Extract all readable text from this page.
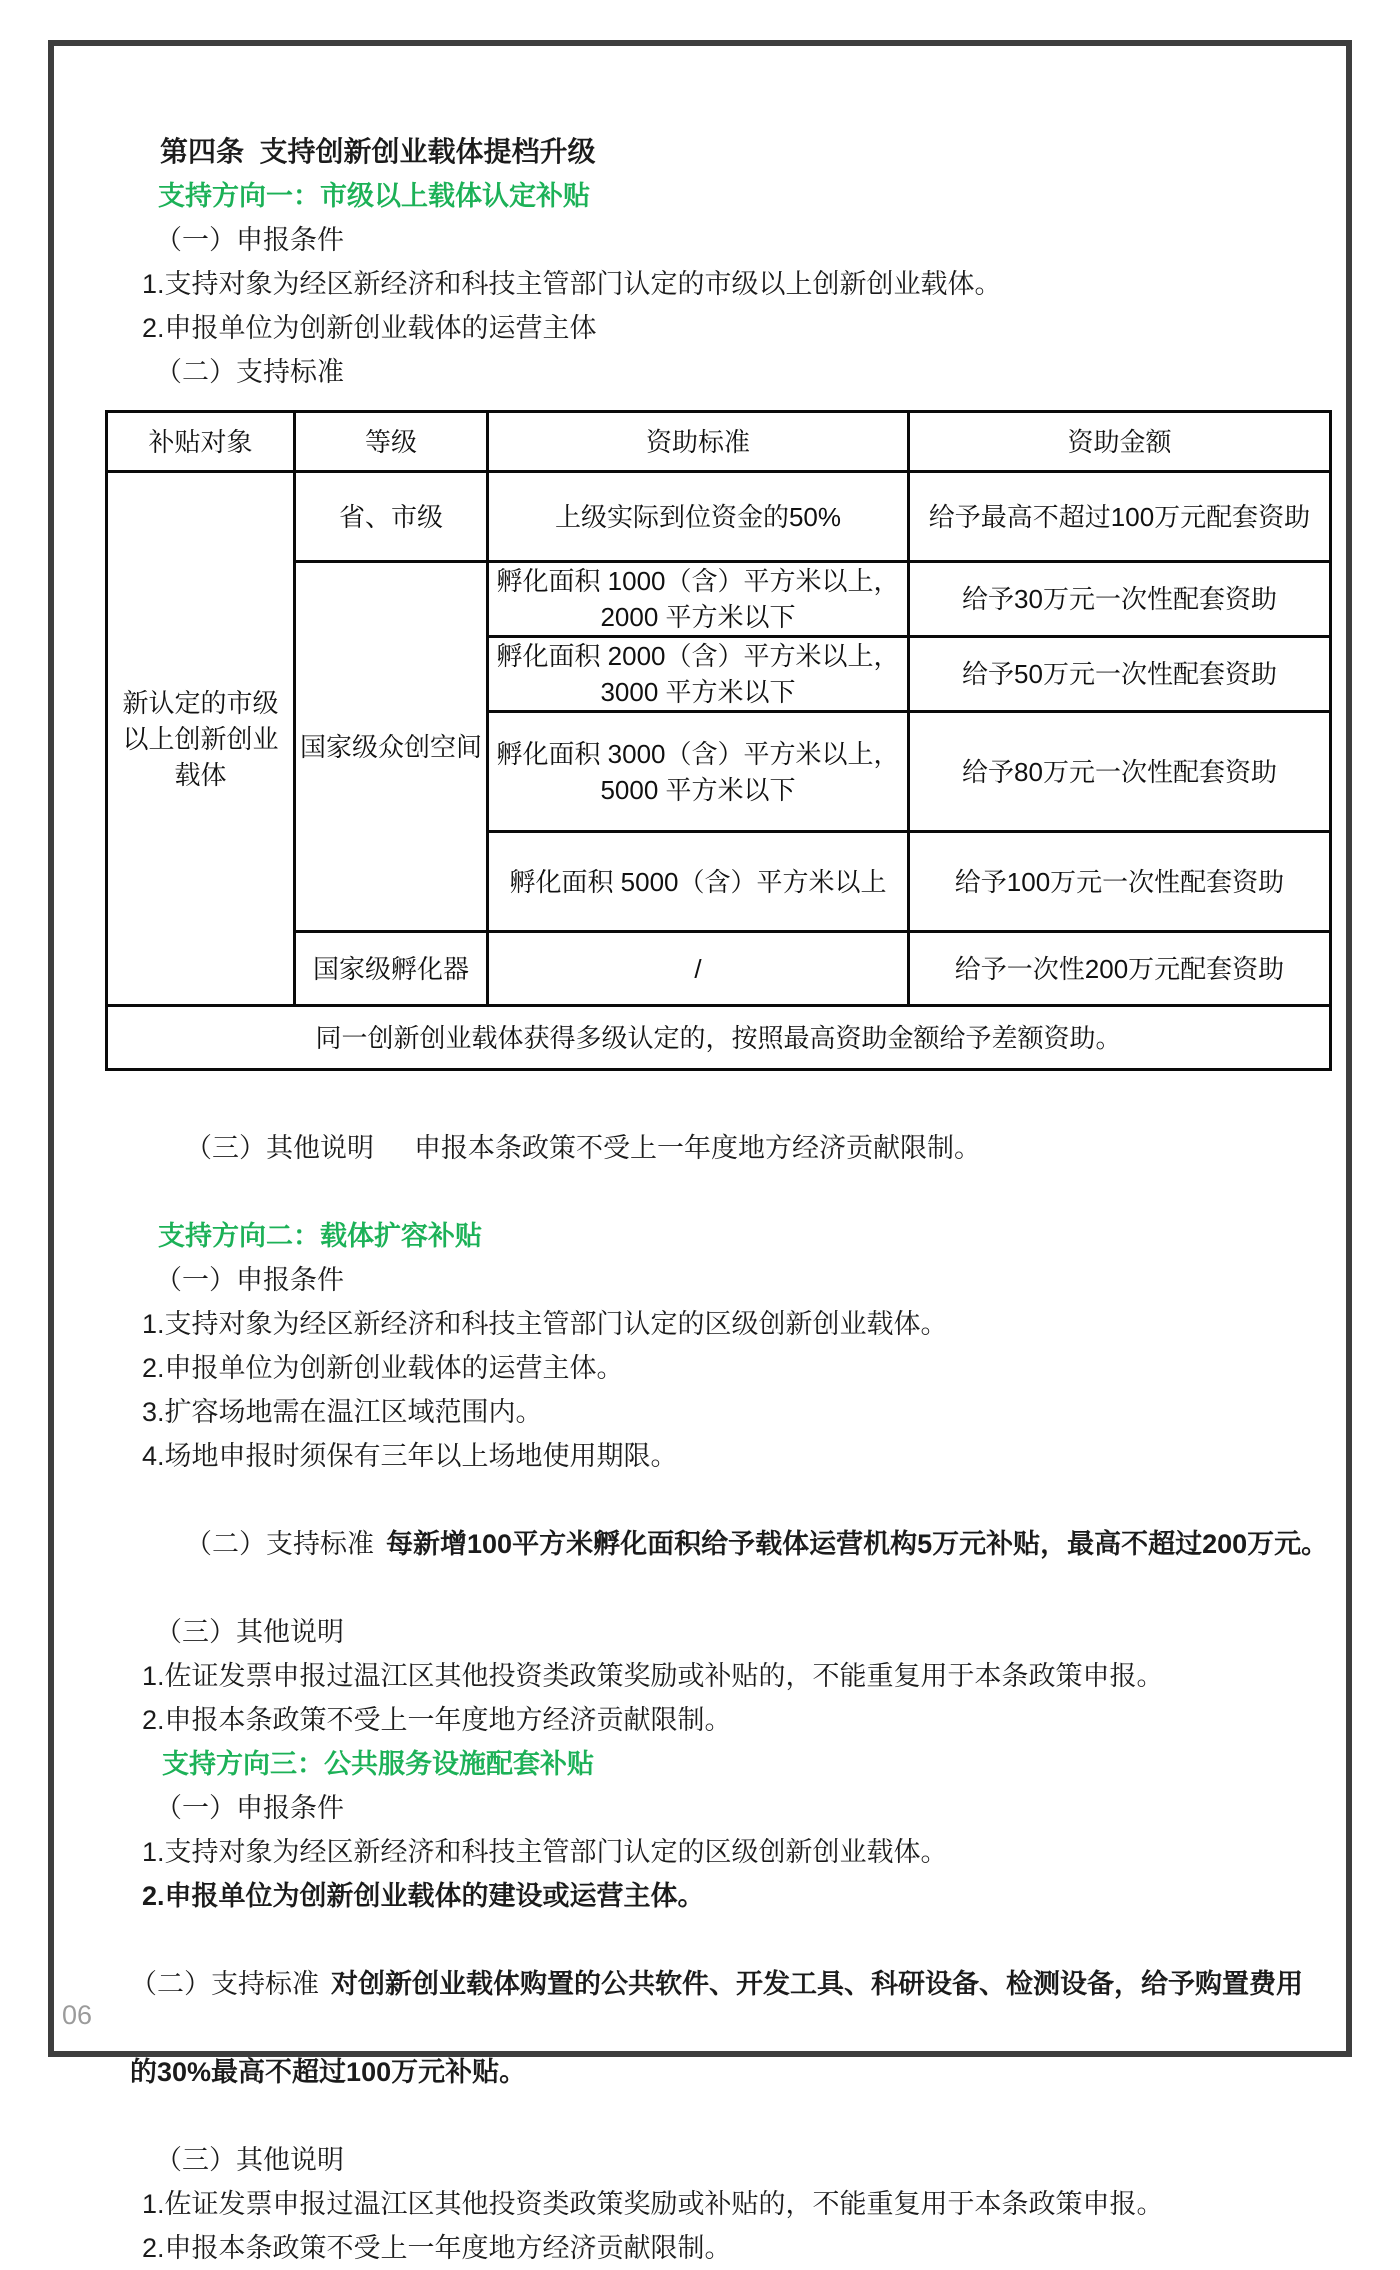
第四条  支持创新创业载体提档升级

支持方向一：市级以上载体认定补贴

（一）申报条件

1.支持对象为经区新经济和科技主管部门认定的市级以上创新创业载体。

2.申报单位为创新创业载体的运营主体

（二）支持标准

补贴对象	等级	资助标准	资助金额
新认定的市级以上创新创业载体	省、市级	上级实际到位资金的50%	给予最高不超过100万元配套资助
	国家级众创空间	孵化面积 1000（含）平方米以上，2000 平方米以下	给予30万元一次性配套资助
		孵化面积 2000（含）平方米以上，3000 平方米以下	给予50万元一次性配套资助
		孵化面积 3000（含）平方米以上，5000 平方米以下	给予80万元一次性配套资助
		孵化面积 5000（含）平方米以上	给予100万元一次性配套资助
	国家级孵化器	/	给予一次性200万元配套资助
同一创新创业载体获得多级认定的，按照最高资助金额给予差额资助。			

（三）其他说明 申报本条政策不受上一年度地方经济贡献限制。

支持方向二：载体扩容补贴

（一）申报条件

1.支持对象为经区新经济和科技主管部门认定的区级创新创业载体。

2.申报单位为创新创业载体的运营主体。

3.扩容场地需在温江区域范围内。

4.场地申报时须保有三年以上场地使用期限。

（二）支持标准 每新增100平方米孵化面积给予载体运营机构5万元补贴，最高不超过200万元。

（三）其他说明

1.佐证发票申报过温江区其他投资类政策奖励或补贴的，不能重复用于本条政策申报。

2.申报本条政策不受上一年度地方经济贡献限制。

支持方向三：公共服务设施配套补贴

（一）申报条件

1.支持对象为经区新经济和科技主管部门认定的区级创新创业载体。

2.申报单位为创新创业载体的建设或运营主体。

（二）支持标准 对创新创业载体购置的公共软件、开发工具、科研设备、检测设备，给予购置费用

的30%最高不超过100万元补贴。

（三）其他说明

1.佐证发票申报过温江区其他投资类政策奖励或补贴的，不能重复用于本条政策申报。

2.申报本条政策不受上一年度地方经济贡献限制。

06
